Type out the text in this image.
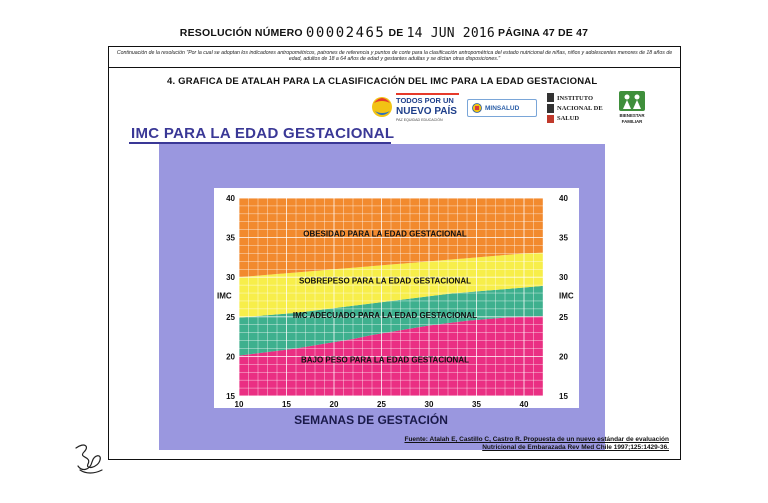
RESOLUCIÓN NÚMERO 00002465 DE 14 JUN 2016 PÁGINA 47 DE 47
Continuación de la resolución "Por la cual se adoptan los indicadores antropométricos, patrones de referencia y puntos de corte para la clasificación antropométrica del estado nutricional de niñas, niños y adolescentes menores de 18 años de edad, adultos de 18 a 64 años de edad y gestantes adultas y se dictan otras disposiciones."
4. GRAFICA DE ATALAH PARA LA CLASIFICACIÓN DEL IMC PARA LA EDAD GESTACIONAL
TODOS POR UN
NUEVO PAÍS
PAZ EQUIDAD EDUCACIÓN
MINSALUD
INSTITUTO
NACIONAL DE
SALUD	BIENESTAR
FAMILIAR
IMC PARA LA EDAD GESTACIONAL
15	15
20	20
25	25
30	30
35	35
40	40
10	15	20	25	30	35	40
IMC	IMC
SEMANAS DE GESTACIÓN
OBESIDAD PARA LA EDAD GESTACIONAL
SOBREPESO PARA LA EDAD GESTACIONAL
IMC ADECUADO PARA LA EDAD GESTACIONAL
BAJO PESO PARA LA EDAD GESTACIONAL
Fuente: Atalah E, Castillo C, Castro R. Propuesta de un nuevo estándar de evaluación
Nutricional de Embarazada Rev Med Chile 1997;125:1429-36.
